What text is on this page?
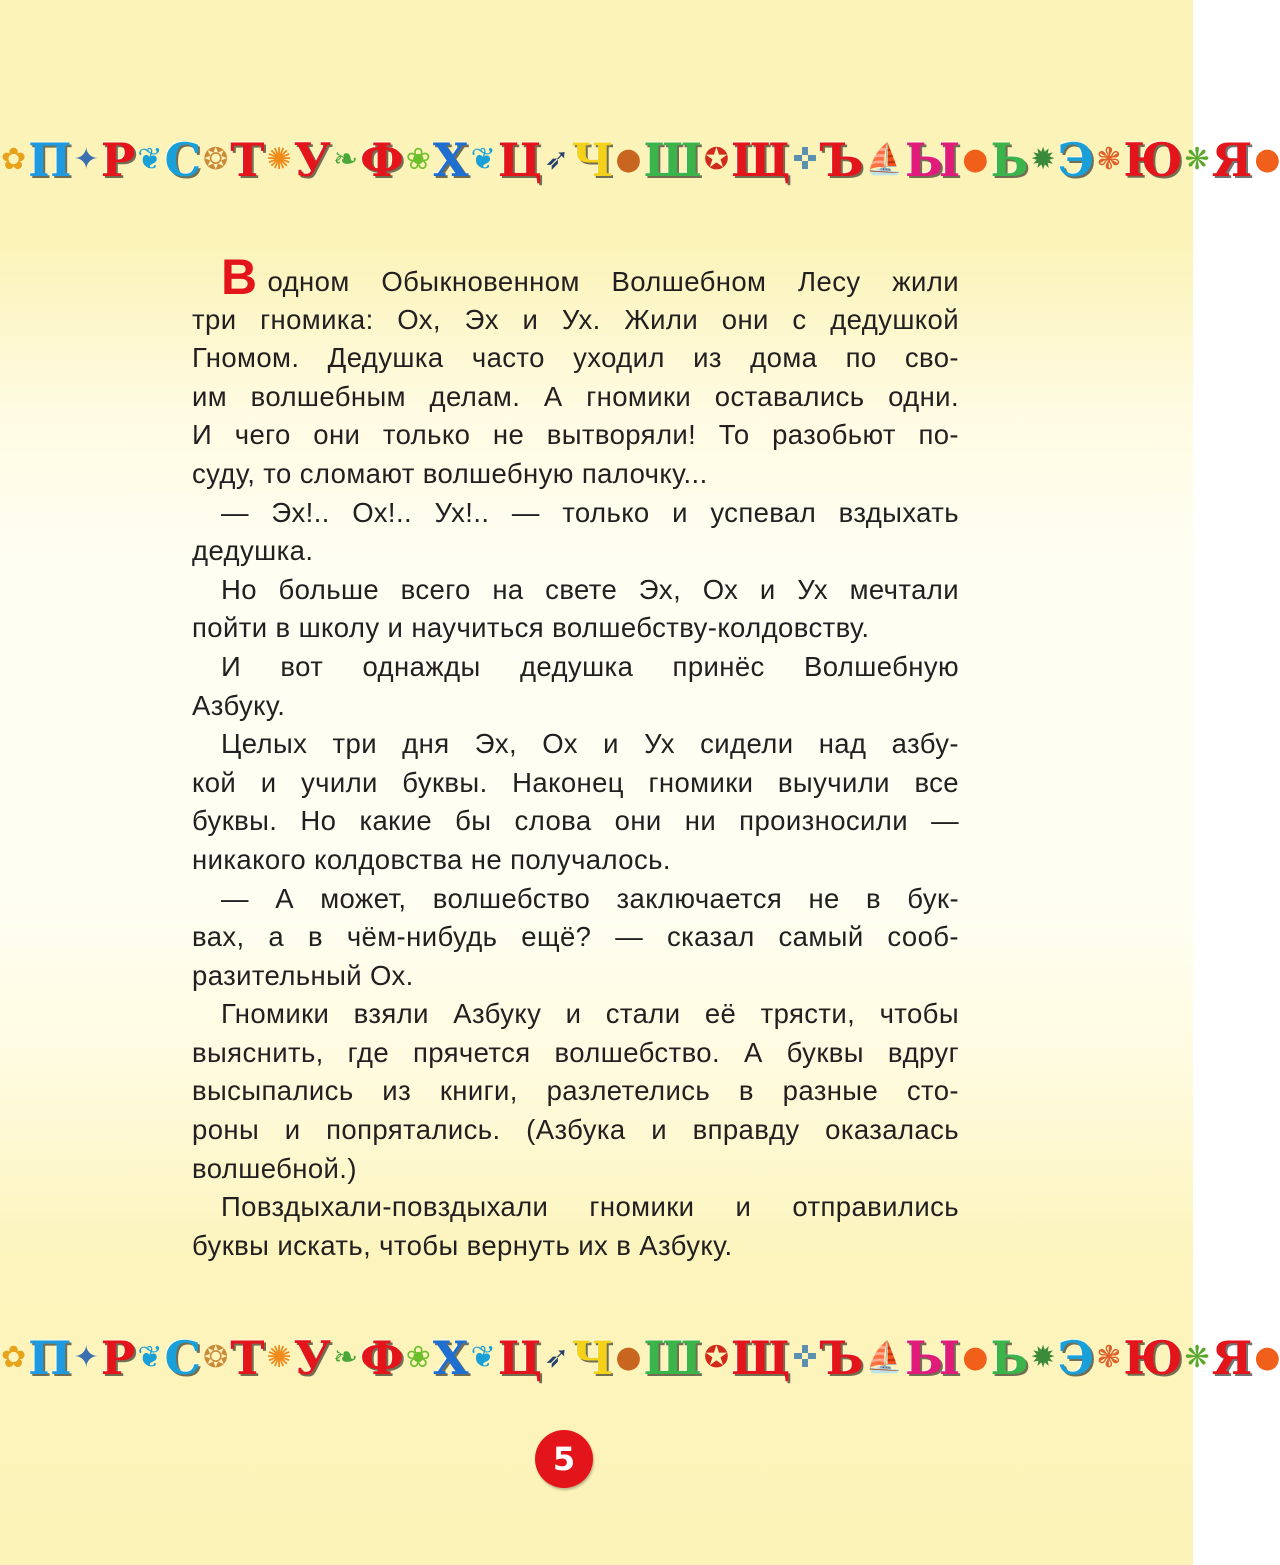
✿ П ✦ Р ❦ С ❂ Т ✺ У ❧ Ф ❀ Х ❦ Ц ➶ Ч ● Ш ✪ Щ ✜ Ъ ⛵ Ы ● Ь ✹ Э ❃ Ю ❋ Я ●
Водном Обыкновенном Волшебном Лесу жили
три гномика: Ох, Эх и Ух. Жили они с дедушкой
Гномом. Дедушка часто уходил из дома по сво-
им волшебным делам. А гномики оставались одни.
И чего они только не вытворяли! То разобьют по-
суду, то сломают волшебную палочку...
— Эх!.. Ох!.. Ух!.. — только и успевал вздыхать
дедушка.
Но больше всего на свете Эх, Ох и Ух мечтали
пойти в школу и научиться волшебству-колдовству.
И вот однажды дедушка принёс Волшебную
Азбуку.
Целых три дня Эх, Ох и Ух сидели над азбу-
кой и учили буквы. Наконец гномики выучили все
буквы. Но какие бы слова они ни произносили —
никакого колдовства не получалось.
— А может, волшебство заключается не в бук-
вах, а в чём-нибудь ещё? — сказал самый сооб-
разительный Ох.
Гномики взяли Азбуку и стали её трясти, чтобы
выяснить, где прячется волшебство. А буквы вдруг
высыпались из книги, разлетелись в разные сто-
роны и попрятались. (Азбука и вправду оказалась
волшебной.)
Повздыхали-повздыхали гномики и отправились
буквы искать, чтобы вернуть их в Азбуку.
✿ П ✦ Р ❦ С ❂ Т ✺ У ❧ Ф ❀ Х ❦ Ц ➶ Ч ● Ш ✪ Щ ✜ Ъ ⛵ Ы ● Ь ✹ Э ❃ Ю ❋ Я ●
5
